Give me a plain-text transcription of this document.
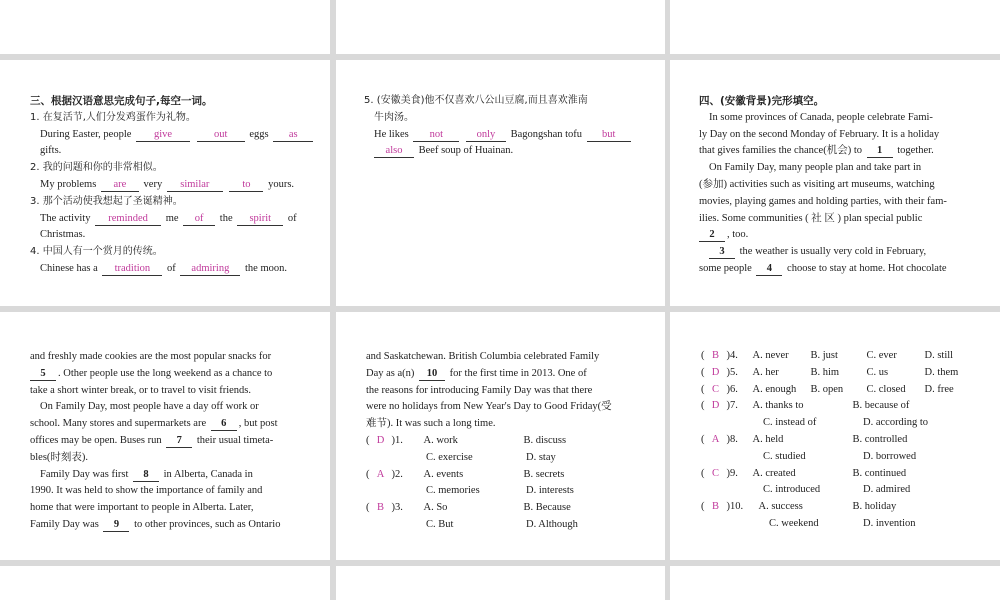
三、根据汉语意思完成句子,每空一词。
1. 在复活节,人们分发鸡蛋作为礼物。
During Easter, people give	out eggs as
gifts.
2. 我的问题和你的非常相似。
My problems are very similar	to yours.
3. 那个活动使我想起了圣诞精神。
The activity reminded me of the spirit of
Christmas.
4. 中国人有一个赏月的传统。
Chinese has a tradition of admiring the moon.
5. (安徽美食)他不仅喜欢八公山豆腐,而且喜欢淮南
牛肉汤。
He likes not	only Bagongshan tofu but
also Beef soup of Huainan.
四、(安徽背景)完形填空。
In some provinces of Canada, people celebrate Fami-
ly Day on the second Monday of February. It is a holiday
that gives families the chance(机会) to 1 together.
On Family Day, many people plan and take part in
(参加) activities such as visiting art museums, watching
movies, playing games and holding parties, with their fam-
ilies. Some communities ( 社 区 ) plan special public
2 , too.
3 the weather is usually very cold in February,
some people 4 choose to stay at home. Hot chocolate
and freshly made cookies are the most popular snacks for
5 . Other people use the long weekend as a chance to
take a short winter break, or to travel to visit friends.
On Family Day, most people have a day off work or
school. Many stores and supermarkets are 6 , but post
offices may be open. Buses run 7 their usual timeta-
bles(时刻表).
Family Day was first 8 in Alberta, Canada in
1990. It was held to show the importance of family and
home that were important to people in Alberta. Later,
Family Day was 9 to other provinces, such as Ontario
and Saskatchewan. British Columbia celebrated Family
Day as a(n) 10 for the first time in 2013. One of
the reasons for introducing Family Day was that there
were no holidays from New Year's Day to Good Friday(受
难节). It was such a long time.
( D )1.	A. work	B. discuss
C. exercise	D. stay
( A )2.	A. events	B. secrets
C. memories	D. interests
( B )3.	A. So	B. Because
C. But	D. Although
( B )4.	A. never	B. just	C. ever	D. still
( D )5.	A. her	B. him	C. us	D. them
( C )6.	A. enough	B. open	C. closed	D. free
( D )7.	A. thanks to	B. because of
C. instead of	D. according to
( A )8.	A. held	B. controlled
C. studied	D. borrowed
( C )9.	A. created	B. continued
C. introduced	D. admired
( B )10.	A. success	B. holiday
C. weekend	D. invention
